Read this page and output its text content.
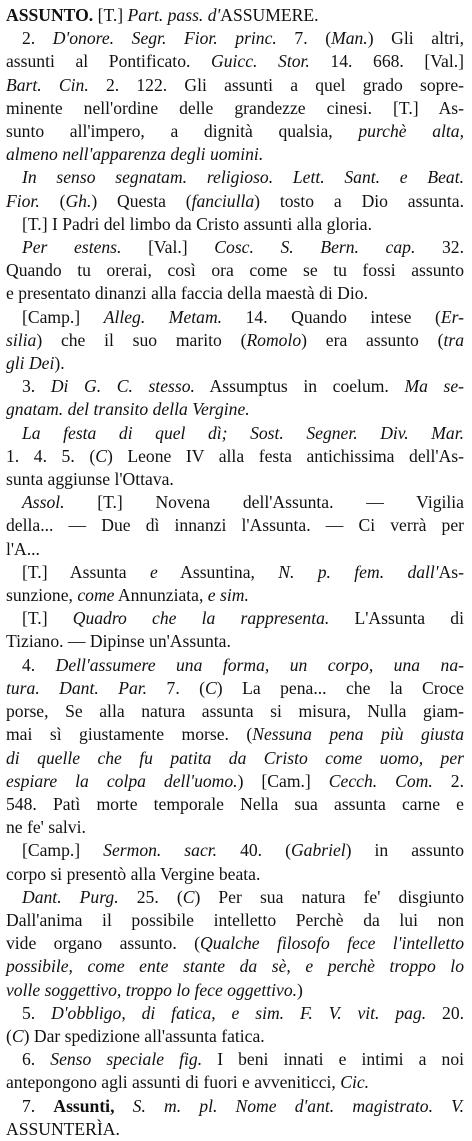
ASSUNTO. [T.] Part. pass. d'ASSUMERE.
2. D'onore. Segr. Fior. princ. 7. (Man.) Gli altri,
assunti al Pontificato. Guicc. Stor. 14. 668. [Val.]
Bart. Cin. 2. 122. Gli assunti a quel grado sopre-
minente nell'ordine delle grandezze cinesi. [T.] As-
sunto all'impero, a dignità qualsia, purchè alta,
almeno nell'apparenza degli uomini.
In senso segnatam. religioso. Lett. Sant. e Beat.
Fior. (Gh.) Questa (fanciulla) tosto a Dio assunta.
[T.] I Padri del limbo da Cristo assunti alla gloria.
Per estens. [Val.] Cosc. S. Bern. cap. 32.
Quando tu orerai, così ora come se tu fossi assunto
e presentato dinanzi alla faccia della maestà di Dio.
[Camp.] Alleg. Metam. 14. Quando intese (Er-
silia) che il suo marito (Romolo) era assunto (tra
gli Dei).
3. Di G. C. stesso. Assumptus in coelum. Ma se-
gnatam. del transito della Vergine.
La festa di quel dì; Sost. Segner. Div. Mar.
1. 4. 5. (C) Leone IV alla festa antichissima dell'As-
sunta aggiunse l'Ottava.
Assol. [T.] Novena dell'Assunta. — Vigilia
della... — Due dì innanzi l'Assunta. — Ci verrà per
l'A...
[T.] Assunta e Assuntina, N. p. fem. dall'As-
sunzione, come Annunziata, e sim.
[T.] Quadro che la rappresenta. L'Assunta di
Tiziano. — Dipinse un'Assunta.
4. Dell'assumere una forma, un corpo, una na-
tura. Dant. Par. 7. (C) La pena... che la Croce
porse, Se alla natura assunta si misura, Nulla giam-
mai sì giustamente morse. (Nessuna pena più giusta
di quelle che fu patita da Cristo come uomo, per
espiare la colpa dell'uomo.) [Cam.] Cecch. Com. 2.
548. Patì morte temporale Nella sua assunta carne e
ne fe' salvi.
[Camp.] Sermon. sacr. 40. (Gabriel) in assunto
corpo si presentò alla Vergine beata.
Dant. Purg. 25. (C) Per sua natura fe' disgiunto
Dall'anima il possibile intelletto Perchè da lui non
vide organo assunto. (Qualche filosofo fece l'intelletto
possibile, come ente stante da sè, e perchè troppo lo
volle soggettivo, troppo lo fece oggettivo.)
5. D'obbligo, di fatica, e sim. F. V. vit. pag. 20.
(C) Dar spedizione all'assunta fatica.
6. Senso speciale fig. I beni innati e intimi a noi
antepongono agli assunti di fuori e avveniticci, Cic.
7. Assunti, S. m. pl. Nome d'ant. magistrato. V.
ASSUNTERÌA.
